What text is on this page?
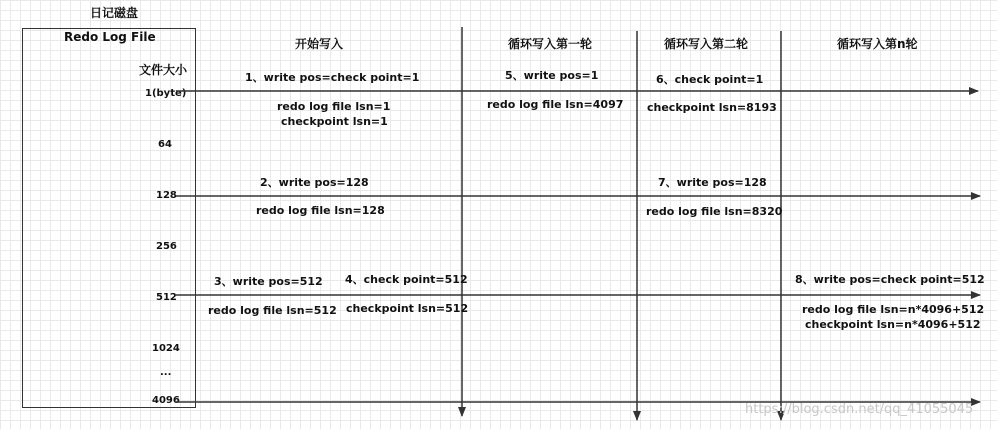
日记磁盘
Redo Log File
文件大小
1(byte)
64
128
256
512
1024
...
4096
开始写入	循环写入第一轮	循环写入第二轮	循环写入第n轮
1、write pos=check point=1
redo log file lsn=1
checkpoint lsn=1
2、write pos=128
redo log file lsn=128
3、write pos=512
redo log file lsn=512
4、check point=512
checkpoint lsn=512
5、write pos=1
redo log file lsn=4097
6、check point=1
checkpoint lsn=8193
7、write pos=128
redo log file lsn=8320
8、write pos=check point=512
redo log file lsn=n*4096+512
checkpoint lsn=n*4096+512
https://blog.csdn.net/qq_41055045
